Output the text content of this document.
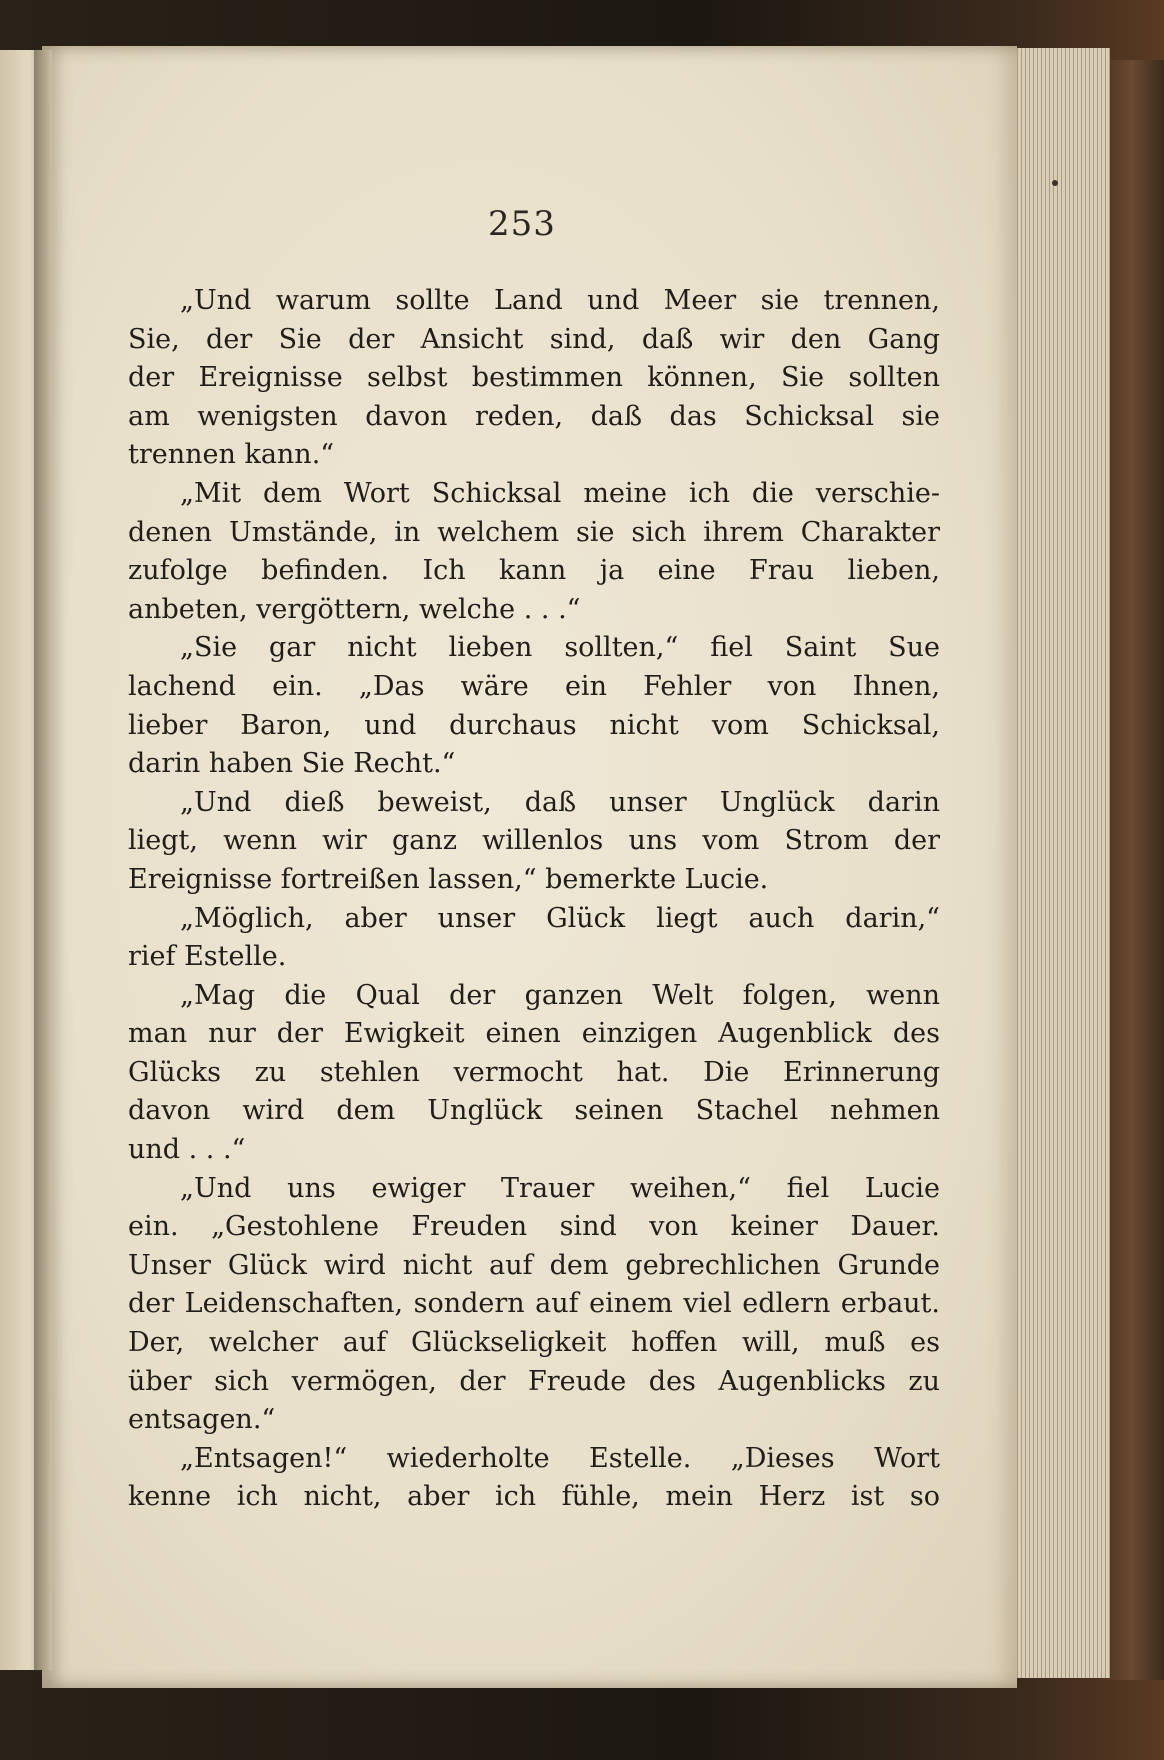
253
„Und warum sollte Land und Meer sie trennen,
Sie, der Sie der Ansicht sind, daß wir den Gang
der Ereignisse selbst bestimmen können, Sie sollten
am wenigsten davon reden, daß das Schicksal sie
trennen kann.“
„Mit dem Wort Schicksal meine ich die verschie-
denen Umstände, in welchem sie sich ihrem Charakter
zufolge befinden. Ich kann ja eine Frau lieben,
anbeten, vergöttern, welche . . .“
„Sie gar nicht lieben sollten,“ fiel Saint Sue
lachend ein. „Das wäre ein Fehler von Ihnen,
lieber Baron, und durchaus nicht vom Schicksal,
darin haben Sie Recht.“
„Und dieß beweist, daß unser Unglück darin
liegt, wenn wir ganz willenlos uns vom Strom der
Ereignisse fortreißen lassen,“ bemerkte Lucie.
„Möglich, aber unser Glück liegt auch darin,“
rief Estelle.
„Mag die Qual der ganzen Welt folgen, wenn
man nur der Ewigkeit einen einzigen Augenblick des
Glücks zu stehlen vermocht hat. Die Erinnerung
davon wird dem Unglück seinen Stachel nehmen
und . . .“
„Und uns ewiger Trauer weihen,“ fiel Lucie
ein. „Gestohlene Freuden sind von keiner Dauer.
Unser Glück wird nicht auf dem gebrechlichen Grunde
der Leidenschaften, sondern auf einem viel edlern erbaut.
Der, welcher auf Glückseligkeit hoffen will, muß es
über sich vermögen, der Freude des Augenblicks zu
entsagen.“
„Entsagen!“ wiederholte Estelle. „Dieses Wort
kenne ich nicht, aber ich fühle, mein Herz ist so
